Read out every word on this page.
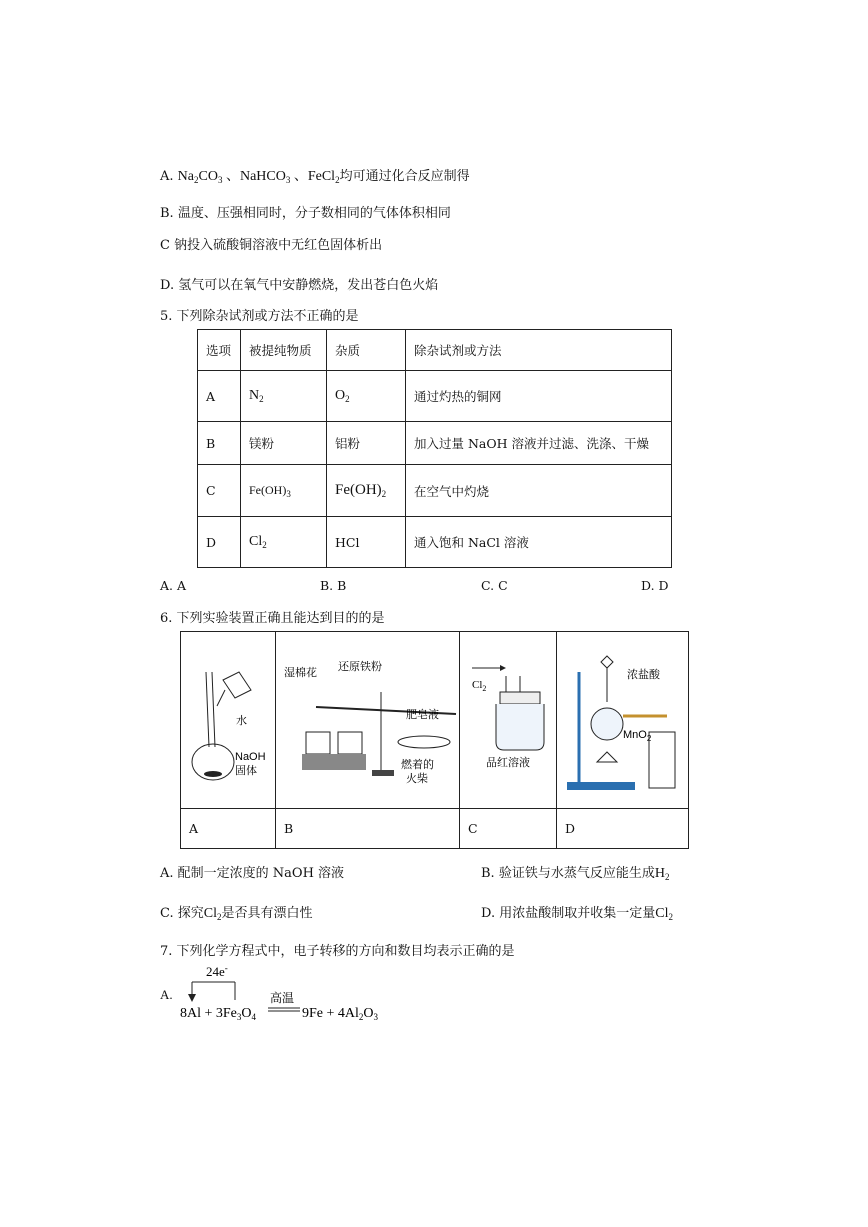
A. $Na_2CO_3$ 、NaHCO$_3$ 、FeCl$_2$均可通过化合反应制得
B. 温度、压强相同时，分子数相同的气体体积相同
C 钠投入硫酸铜溶液中无红色固体析出
D. 氢气可以在氧气中安静燃烧，发出苍白色火焰
5. 下列除杂试剂或方法不正确的是
选项	被提纯物质	杂质	除杂试剂或方法
A	$N_2$	$O_2$	通过灼热的铜网
B	镁粉	铝粉	加入过量 NaOH 溶液并过滤、洗涤、干燥
C	$Fe(OH)_3$	$Fe(OH)_2$	在空气中灼烧
D	$Cl_2$	HCl	通入饱和 NaCl 溶液
A. A	B. B	C. C	D. D
6. 下列实验装置正确且能达到目的的是
水
NaOH
固体
湿棉花 还原铁粉
肥皂液
燃着的
火柴
$Cl_2$
品红溶液
浓盐酸
MnO$_2$
A	B	C	D
A. 配制一定浓度的 NaOH 溶液	B. 验证铁与水蒸气反应能生成$H_2$
C. 探究$Cl_2$是否具有漂白性	D. 用浓盐酸制取并收集一定量$Cl_2$
7. 下列化学方程式中，电子转移的方向和数目均表示正确的是
A.
24e-
$8Al + 3Fe_3O_4$
高温
$9Fe + 4Al_2O_3$
